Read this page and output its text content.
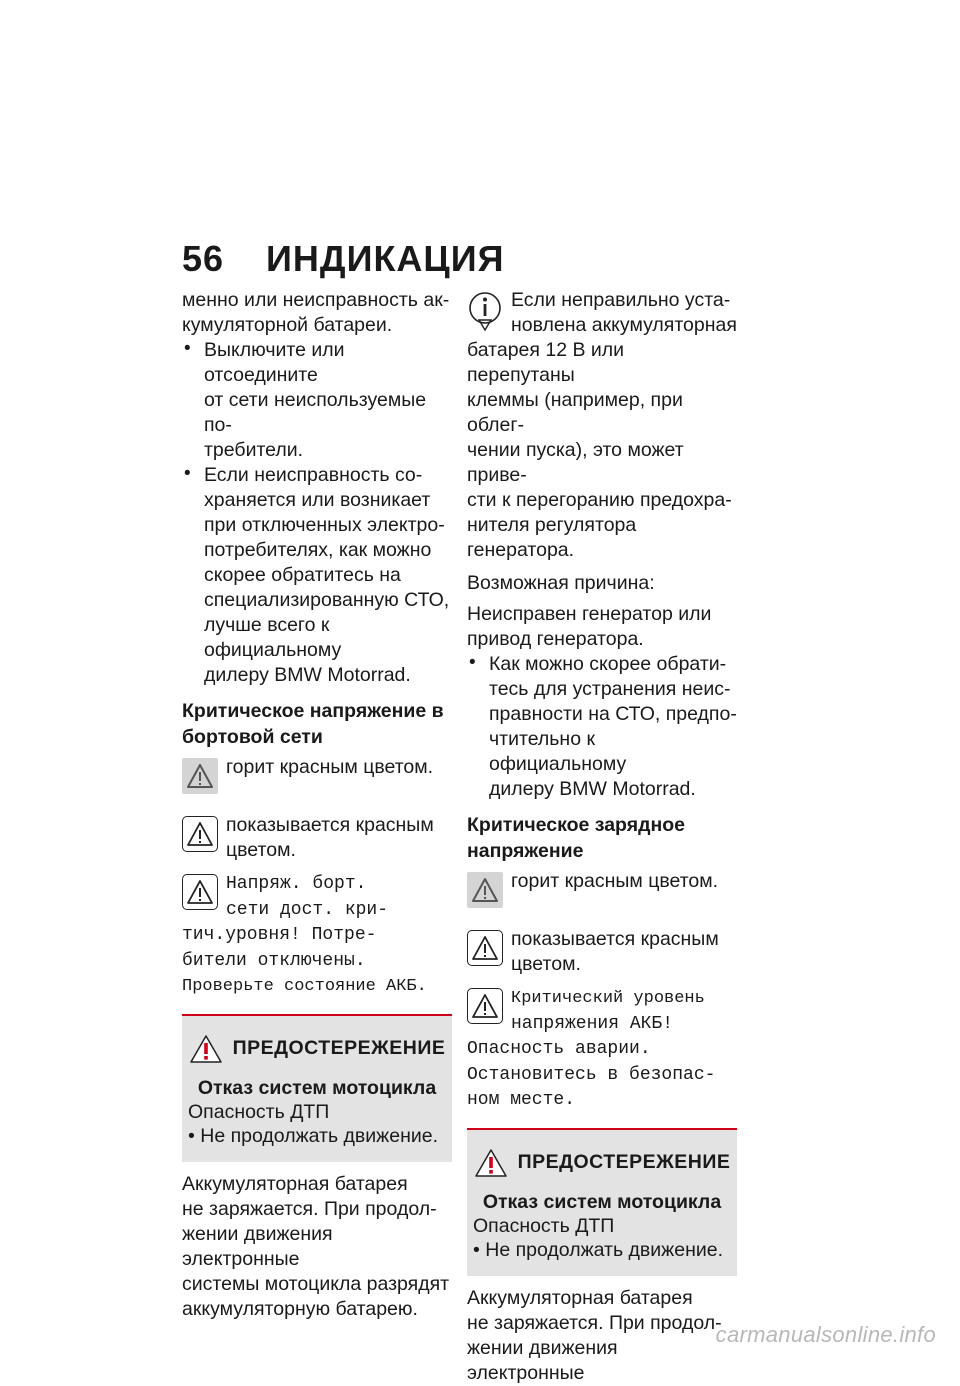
56 ИНДИКАЦИЯ

менно или неисправность ак-

кумуляторной батареи.

• Выключите или отсоедините

от сети неиспользуемые по-

требители.

• Если неисправность со-

храняется или возникает

при отключенных электро-

потребителях, как можно

скорее обратитесь на

специализированную СТО,

лучше всего к официальному

дилеру BMW Motorrad.

Критическое напряжение в
бортовой сети
горит красным цветом.
показывается красным
цветом.
Напряж. борт.
сети дост. кри-
тич.уровня! Потре-
бители отключены.
Проверьте состояние АКБ.
ПРЕДОСТЕРЕЖЕНИЕ
Отказ систем мотоцикла
Опасность ДТП
• Не продолжать движение.

Аккумуляторная батарея

не заряжается. При продол-

жении движения электронные

системы мотоцикла разрядят

аккумуляторную батарею.

Если неправильно уста-

новлена аккумуляторная

батарея 12 В или перепутаны

клеммы (например, при облег-

чении пуска), это может приве-

сти к перегоранию предохра-

нителя регулятора генератора.

Возможная причина:

Неисправен генератор или

привод генератора.

• Как можно скорее обрати-

тесь для устранения неис-

правности на СТО, предпо-

чтительно к официальному

дилеру BMW Motorrad.

Критическое зарядное
напряжение
горит красным цветом.
показывается красным
цветом.
Критический уровень
напряжения АКБ!
Опасность аварии.
Остановитесь в безопас-
ном месте.
ПРЕДОСТЕРЕЖЕНИЕ
Отказ систем мотоцикла
Опасность ДТП
• Не продолжать движение.

Аккумуляторная батарея

не заряжается. При продол-

жении движения электронные

carmanualsonline.info
